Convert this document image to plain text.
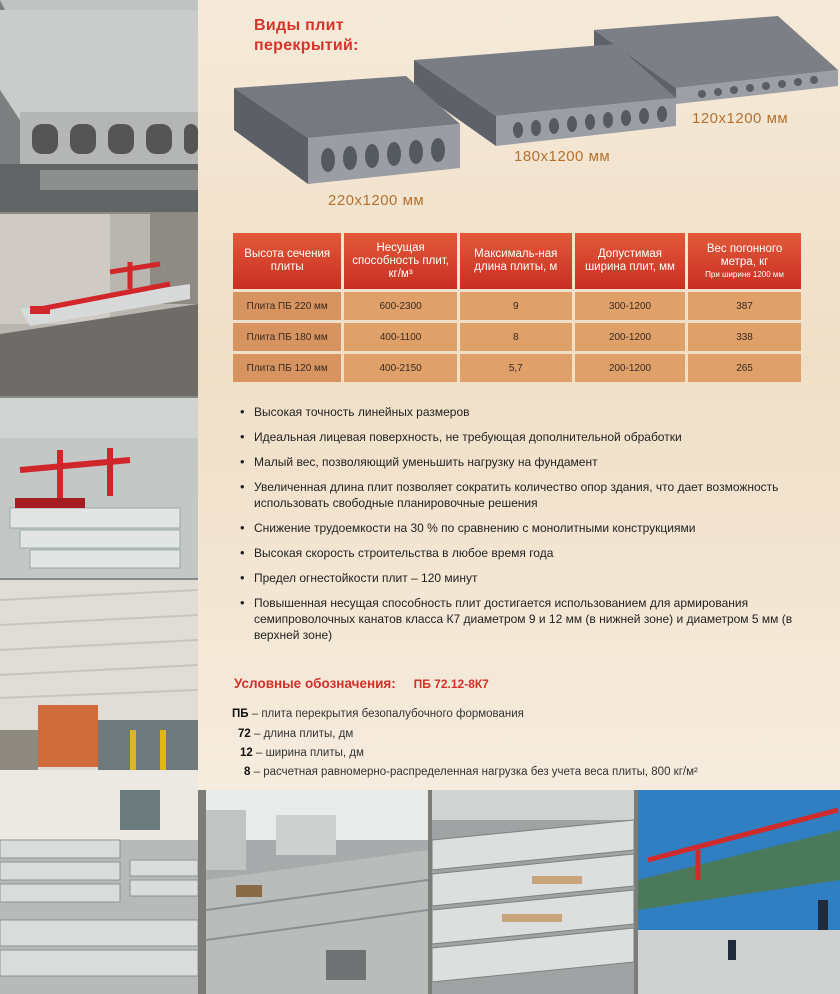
Виды плит
перекрытий:
220x1200 мм
180x1200 мм
120x1200 мм
Высота сечения плиты	Несущая способность плит, кг/м³	Максималь-ная длина плиты, м	Допустимая ширина плит, мм	Вес погонного метра, кг
При ширине 1200 мм

Плита ПБ 220 мм	600-2300	9	300-1200	387
Плита ПБ 180 мм	400-1100	8	200-1200	338
Плита ПБ 120 мм	400-2150	5,7	200-1200	265
• Высокая точность линейных размеров
• Идеальная лицевая поверхность, не требующая дополнительной обработки
• Малый вес, позволяющий уменьшить нагрузку на фундамент
• Увеличенная длина плит позволяет сократить количество опор здания, что дает возможность использовать свободные планировочные решения
• Снижение трудоемкости на 30 % по сравнению с монолитными конструкциями
• Высокая скорость строительства в любое время года
• Предел огнестойкости плит – 120 минут
• Повышенная несущая способность плит достигается использованием для армирования семипроволочных канатов класса К7 диаметром 9 и 12 мм (в нижней зоне) и диаметром 5 мм (в верхней зоне)
Условные обозначения: ПБ 72.12-8К7
ПБ – плита перекрытия безопалубочного формования
72 – длина плиты, дм
12 – ширина плиты, дм
8 – расчетная равномерно-распределенная нагрузка без учета веса плиты, 800 кг/м²
